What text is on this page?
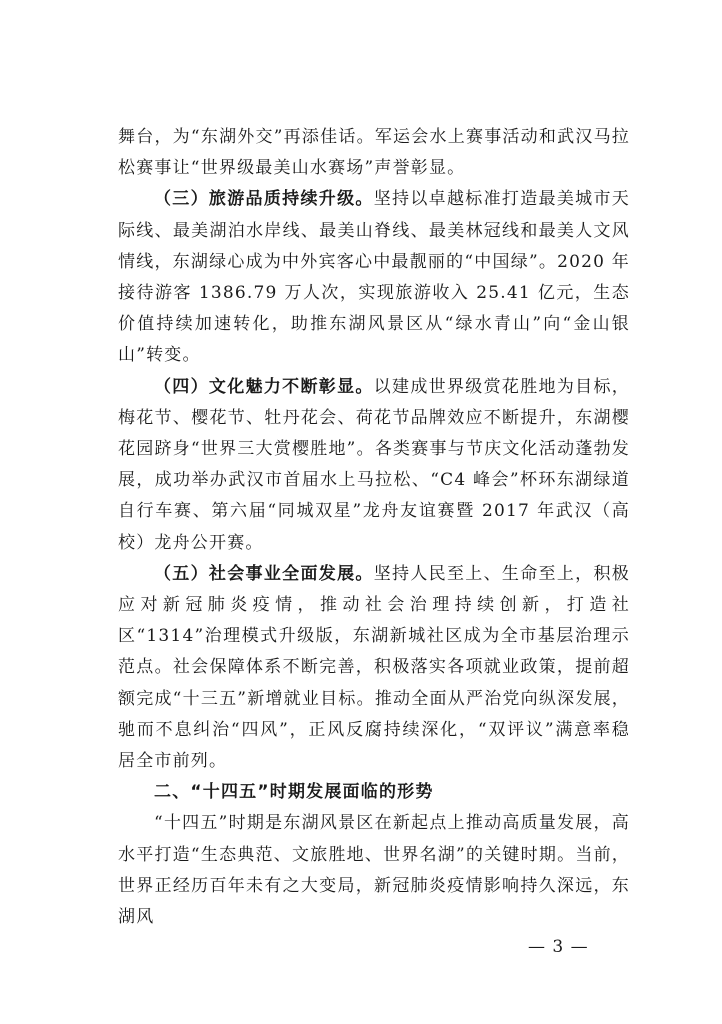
舞台，为“东湖外交”再添佳话。军运会水上赛事活动和武汉马拉松赛事让“世界级最美山水赛场”声誉彰显。

（三）旅游品质持续升级。坚持以卓越标准打造最美城市天际线、最美湖泊水岸线、最美山脊线、最美林冠线和最美人文风情线，东湖绿心成为中外宾客心中最靓丽的“中国绿”。2020 年接待游客 1386.79 万人次，实现旅游收入 25.41 亿元，生态价值持续加速转化，助推东湖风景区从“绿水青山”向“金山银山”转变。

（四）文化魅力不断彰显。以建成世界级赏花胜地为目标，梅花节、樱花节、牡丹花会、荷花节品牌效应不断提升，东湖樱花园跻身“世界三大赏樱胜地”。各类赛事与节庆文化活动蓬勃发展，成功举办武汉市首届水上马拉松、“C4 峰会”杯环东湖绿道自行车赛、第六届“同城双星”龙舟友谊赛暨 2017 年武汉（高校）龙舟公开赛。

（五）社会事业全面发展。坚持人民至上、生命至上，积极应对新冠肺炎疫情，推动社会治理持续创新，打造社区“1314”治理模式升级版，东湖新城社区成为全市基层治理示范点。社会保障体系不断完善，积极落实各项就业政策，提前超额完成“十三五”新增就业目标。推动全面从严治党向纵深发展，驰而不息纠治“四风”，正风反腐持续深化，“双评议”满意率稳居全市前列。

二、“十四五”时期发展面临的形势

“十四五”时期是东湖风景区在新起点上推动高质量发展，高水平打造“生态典范、文旅胜地、世界名湖”的关键时期。当前，世界正经历百年未有之大变局，新冠肺炎疫情影响持久深远，东湖风

— 3 —
